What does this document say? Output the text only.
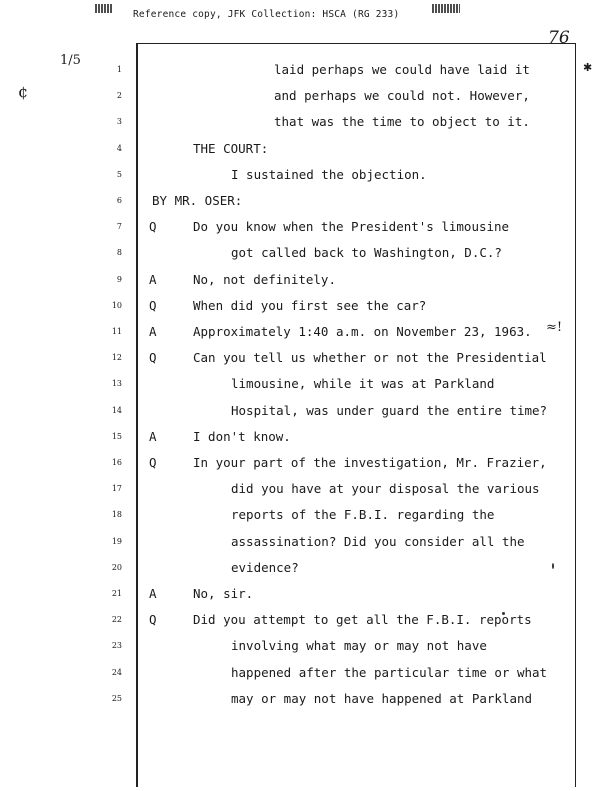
Reference copy, JFK Collection: HSCA (RG 233)
76
1/5
¢
✱
≈!
1	laid perhaps we could have laid it
2	and perhaps we could not. However,
3	that was the time to object to it.
4	THE COURT:
5	I sustained the objection.
6 BY MR. OSER:
7 Q	Do you know when the President's limousine
8	got called back to Washington, D.C.?
9 A	No, not definitely.
10 Q	When did you first see the car?
11 A	Approximately 1:40 a.m. on November 23, 1963.
12 Q	Can you tell us whether or not the Presidential
13	limousine, while it was at Parkland
14	Hospital, was under guard the entire time?
15 A	I don't know.
16 Q	In your part of the investigation, Mr. Frazier,
17	did you have at your disposal the various
18	reports of the F.B.I. regarding the
19	assassination? Did you consider all the
20	evidence?
21 A	No, sir.
22 Q	Did you attempt to get all the F.B.I. reports
23	involving what may or may not have
24	happened after the particular time or what
25	may or may not have happened at Parkland
